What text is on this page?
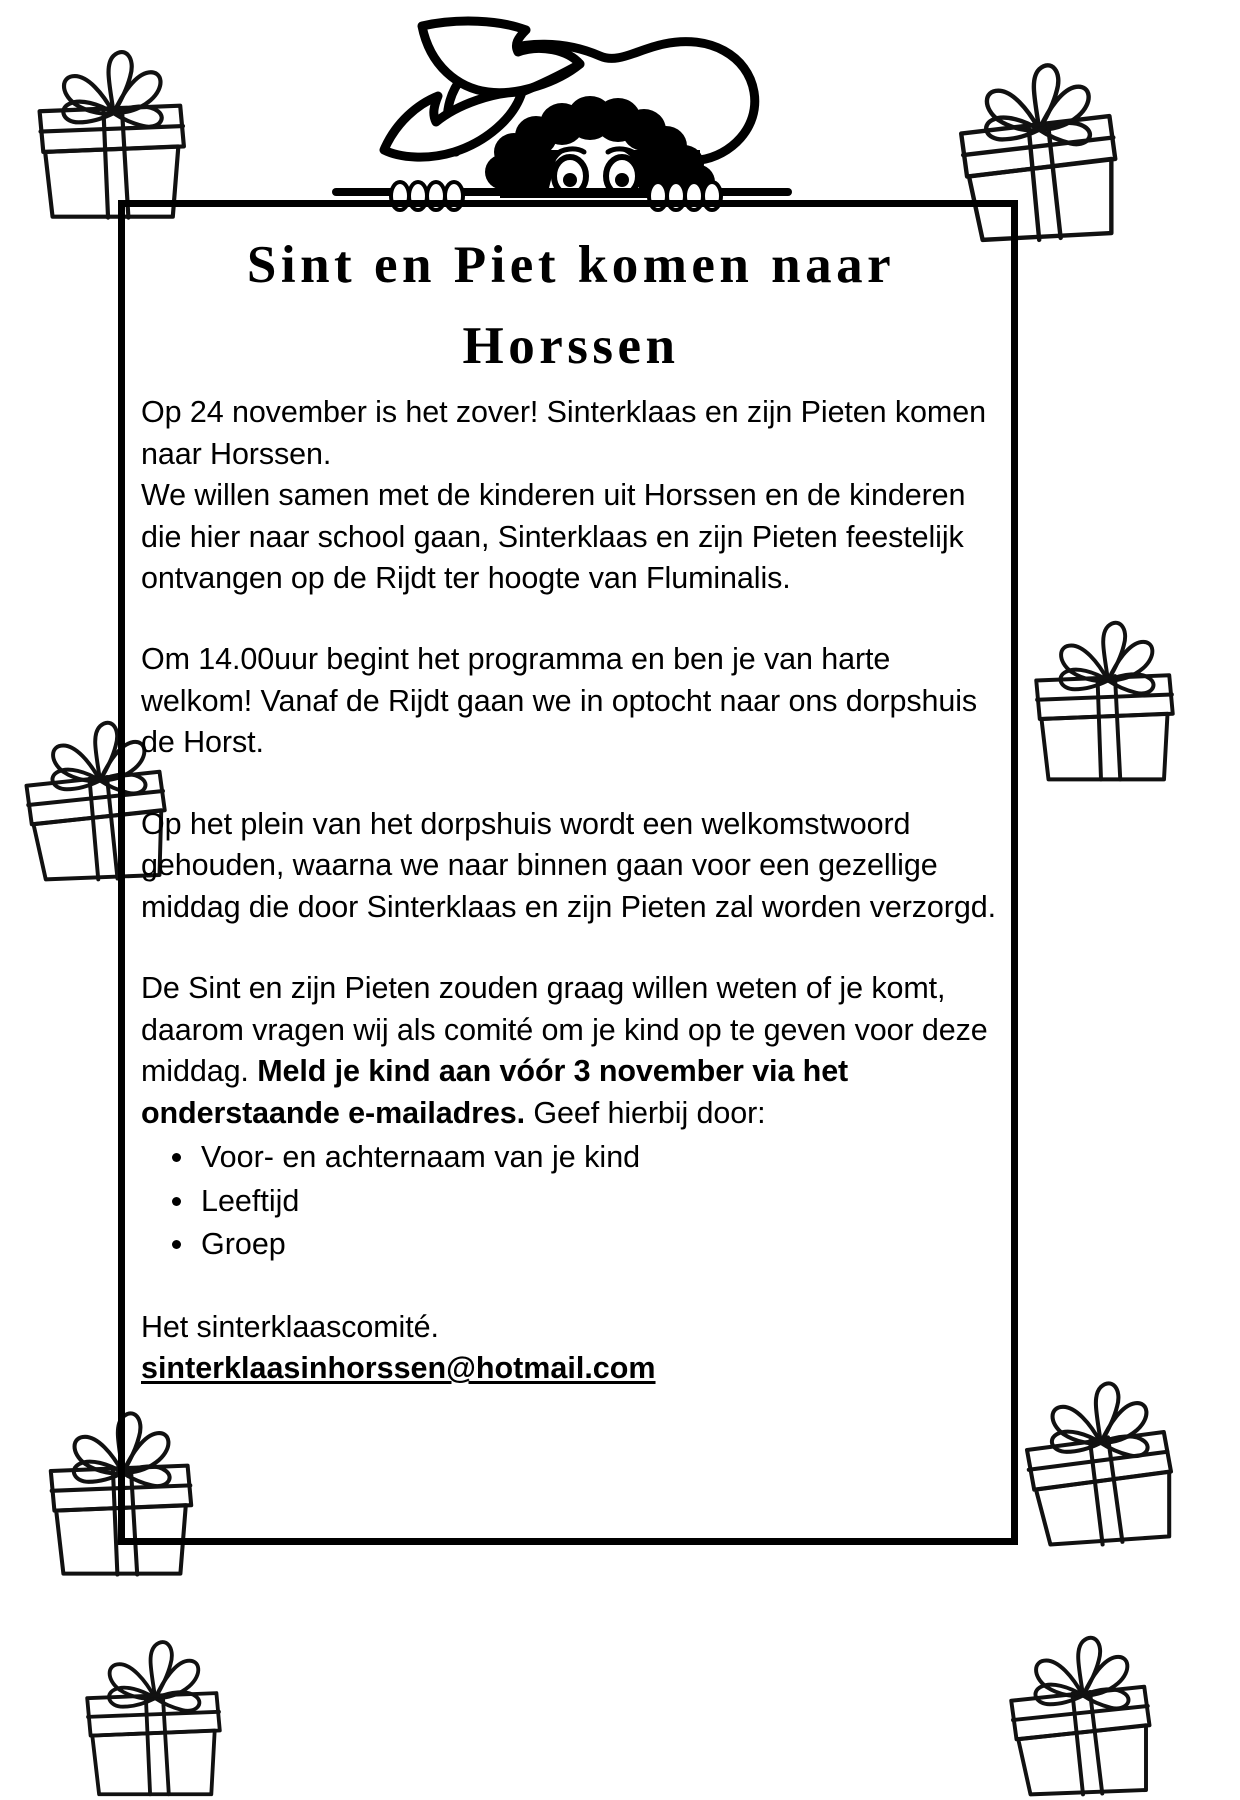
Sint en Piet komen naar Horssen

Op 24 november is het zover! Sinterklaas en zijn Pieten komen naar Horssen.

We willen samen met de kinderen uit Horssen en de kinderen die hier naar school gaan, Sinterklaas en zijn Pieten feestelijk ontvangen op de Rijdt ter hoogte van Fluminalis.

Om 14.00uur begint het programma en ben je van harte welkom! Vanaf de Rijdt gaan we in optocht naar ons dorpshuis de Horst.

Op het plein van het dorpshuis wordt een welkomstwoord gehouden, waarna we naar binnen gaan voor een gezellige middag die door Sinterklaas en zijn Pieten zal worden verzorgd.

De Sint en zijn Pieten zouden graag willen weten of je komt, daarom vragen wij als comité om je kind op te geven voor deze middag. Meld je kind aan vóór 3 november via het onderstaande e-mailadres. Geef hierbij door:

• Voor- en achternaam van je kind
• Leeftijd
• Groep

Het sinterklaascomité.

sinterklaasinhorssen@hotmail.com
